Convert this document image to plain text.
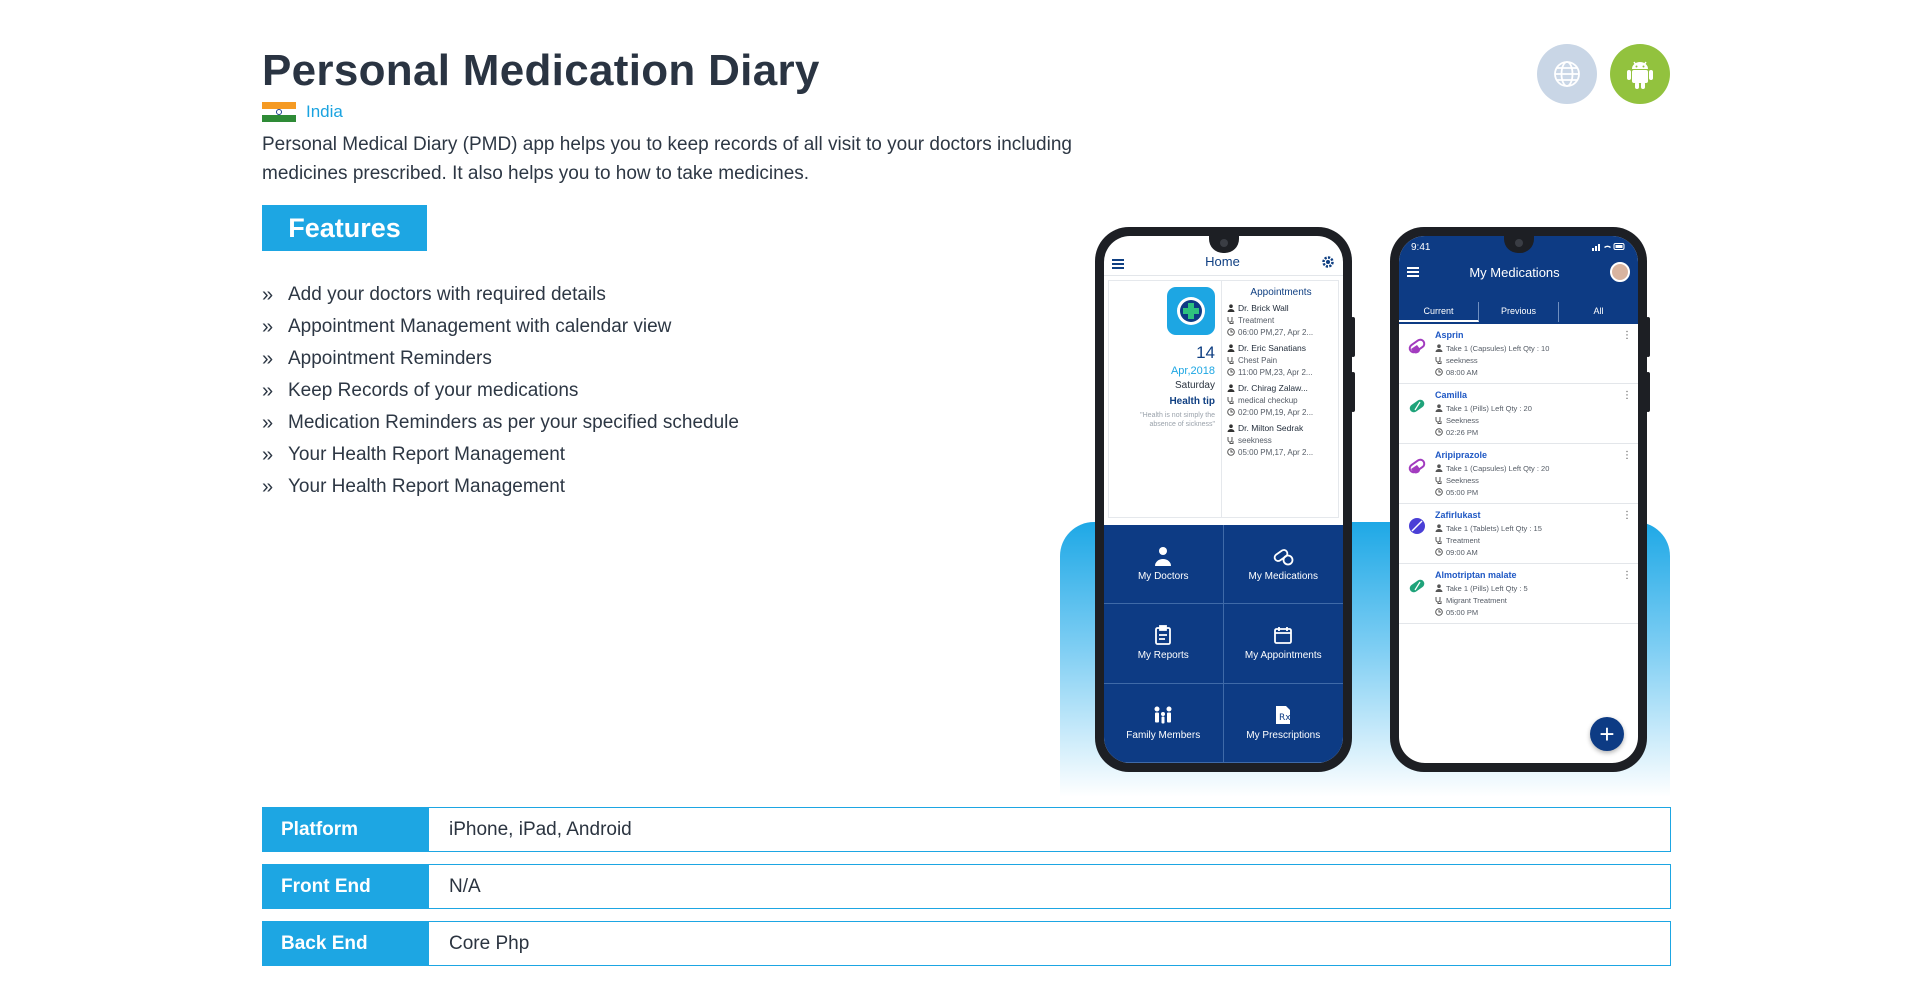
Personal Medication Diary
India
Personal Medical Diary (PMD) app helps you to keep records of all visit to your doctors including medicines prescribed. It also helps you to how to take medicines.
Features
» Add your doctors with required details
» Appointment Management with calendar view
» Appointment Reminders
» Keep Records of your medications
» Medication Reminders as per your specified schedule
» Your Health Report Management
» Your Health Report Management
Home
14
Apr,2018
Saturday
Health tip
"Health is not simply the absence of sickness"
Appointments
Dr. Brick Wall
Treatment
06:00 PM,27, Apr 2...
Dr. Eric Sanatians
Chest Pain
11:00 PM,23, Apr 2...
Dr. Chirag Zalaw...
medical checkup
02:00 PM,19, Apr 2...
Dr. Milton Sedrak
seekness
05:00 PM,17, Apr 2...
My Doctors	My Medications
My Reports	My Appointments
Family Members
Rx
My Prescriptions
9:41
My Medications
Current	Previous	All
Asprin
Take 1 (Capsules) Left Qty : 10
seekness
08:00 AM
⋮
Camilla
Take 1 (Pills) Left Qty : 20
Seekness
02:26 PM
⋮
Aripiprazole
Take 1 (Capsules) Left Qty : 20
Seekness
05:00 PM
⋮
Zafirlukast
Take 1 (Tablets) Left Qty : 15
Treatment
09:00 AM
⋮
Almotriptan malate
Take 1 (Pills) Left Qty : 5
Migrant Treatment
05:00 PM
⋮
+
Platform	iPhone, iPad, Android
Front End	N/A
Back End	Core Php
